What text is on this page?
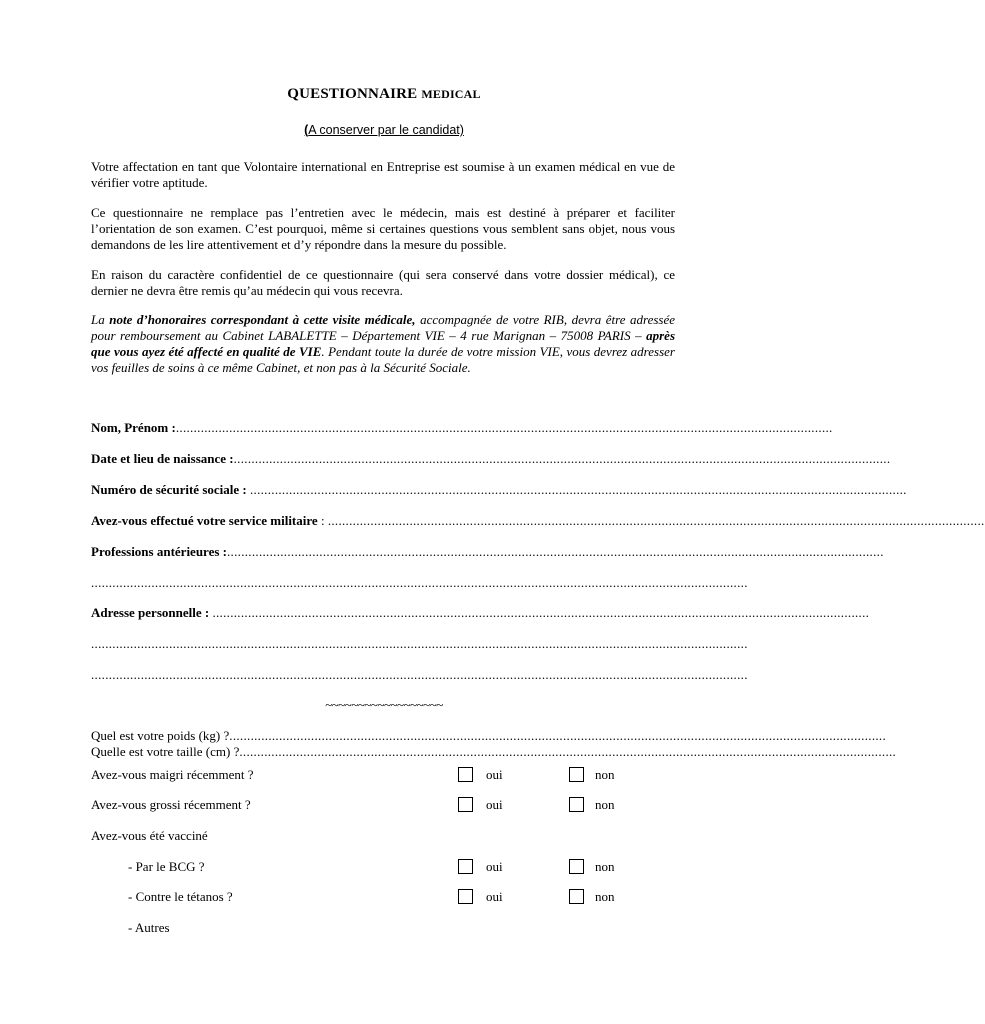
QUESTIONNAIRE MEDICAL
(A conserver par le candidat)
Votre affectation en tant que Volontaire international en Entreprise est soumise à un examen médical en vue de vérifier votre aptitude.
Ce questionnaire ne remplace pas l’entretien avec le médecin, mais est destiné à préparer et faciliter l’orientation de son examen. C’est pourquoi, même si certaines questions vous semblent sans objet, nous vous demandons de les lire attentivement et d’y répondre dans la mesure du possible.
En raison du caractère confidentiel de ce questionnaire (qui sera conservé dans votre dossier médical), ce dernier ne devra être remis qu’au médecin qui vous recevra.
La note d’honoraires correspondant à cette visite médicale, accompagnée de votre RIB, devra être adressée pour remboursement au Cabinet LABALETTE – Département VIE – 4 rue Marignan – 75008 PARIS – après que vous ayez été affecté en qualité de VIE. Pendant toute la durée de votre mission VIE, vous devrez adresser vos feuilles de soins à ce même Cabinet, et non pas à la Sécurité Sociale.
Nom, Prénom :.........................................................................................................................................................................................
Date et lieu de naissance :.........................................................................................................................................................................................
Numéro de sécurité sociale : .........................................................................................................................................................................................
Avez-vous effectué votre service militaire : .........................................................................................................................................................................................
Professions antérieures :.........................................................................................................................................................................................
.........................................................................................................................................................................................
Adresse personnelle : .........................................................................................................................................................................................
.........................................................................................................................................................................................
.........................................................................................................................................................................................
~~~~~~~~~~~~~~~~~~
Quel est votre poids (kg) ?.........................................................................................................................................................................................
Quelle est votre taille (cm) ?.........................................................................................................................................................................................
Avez-vous maigri récemment ?	oui	non
Avez-vous grossi récemment ?	oui	non
Avez-vous été vacciné
- Par le BCG ?	oui	non
- Contre le tétanos ?	oui	non
- Autres
